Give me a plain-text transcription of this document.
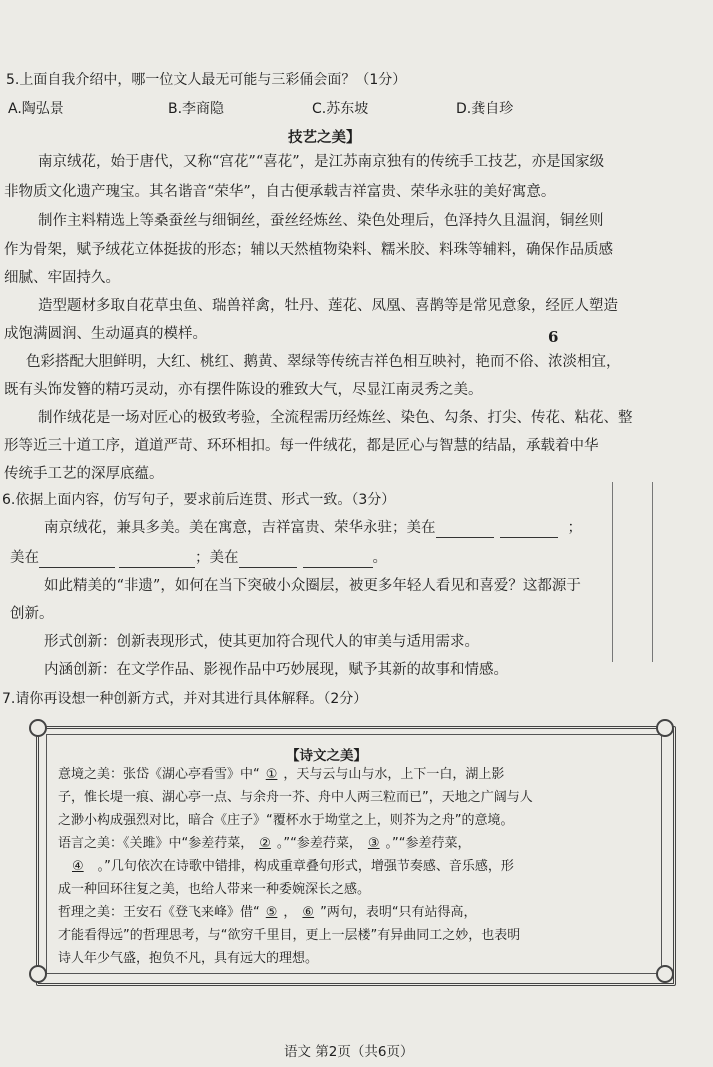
5.上面自我介绍中，哪一位文人最无可能与三彩俑会面？（1分）
A.陶弘景	B.李商隐	C.苏东坡	D.龚自珍
技艺之美】
南京绒花，始于唐代，又称“宫花”“喜花”，是江苏南京独有的传统手工技艺，亦是国家级
非物质文化遗产瑰宝。其名谐音“荣华”，自古便承载吉祥富贵、荣华永驻的美好寓意。
制作主料精选上等桑蚕丝与细铜丝，蚕丝经炼丝、染色处理后，色泽持久且温润，铜丝则
作为骨架，赋予绒花立体挺拔的形态；辅以天然植物染料、糯米胶、料珠等辅料，确保作品质感
细腻、牢固持久。
造型题材多取自花草虫鱼、瑞兽祥禽，牡丹、莲花、凤凰、喜鹊等是常见意象，经匠人塑造
成饱满圆润、生动逼真的模样。	6
色彩搭配大胆鲜明，大红、桃红、鹅黄、翠绿等传统吉祥色相互映衬，艳而不俗、浓淡相宜，
既有头饰发簪的精巧灵动，亦有摆件陈设的雅致大气，尽显江南灵秀之美。
制作绒花是一场对匠心的极致考验，全流程需历经炼丝、染色、勾条、打尖、传花、粘花、整
形等近三十道工序，道道严苛、环环相扣。每一件绒花，都是匠心与智慧的结晶，承载着中华
传统手工艺的深厚底蕴。
6.依据上面内容，仿写句子，要求前后连贯、形式一致。（3分）
南京绒花，兼具多美。美在寓意，吉祥富贵、荣华永驻；美在	；
美在	；美在	。
如此精美的“非遗”，如何在当下突破小众圈层，被更多年轻人看见和喜爱？这都源于
创新。
形式创新：创新表现形式，使其更加符合现代人的审美与适用需求。
内涵创新：在文学作品、影视作品中巧妙展现，赋予其新的故事和情感。
7.请你再设想一种创新方式，并对其进行具体解释。（2分）
【诗文之美】
意境之美：张岱《湖心亭看雪》中“ ① ，天与云与山与水，上下一白，湖上影
子，惟长堤一痕、湖心亭一点、与余舟一芥、舟中人两三粒而已”，天地之广阔与人
之渺小构成强烈对比，暗合《庄子》“覆杯水于坳堂之上，则芥为之舟”的意境。
语言之美：《关雎》中“参差荇菜， ② 。”“参差荇菜， ③ 。”“参差荇菜，
④ 。”几句依次在诗歌中错排，构成重章叠句形式，增强节奏感、音乐感，形
成一种回环往复之美，也给人带来一种委婉深长之感。
哲理之美：王安石《登飞来峰》借“ ⑤ ， ⑥ ”两句，表明“只有站得高，
才能看得远”的哲理思考，与“欲穷千里目，更上一层楼”有异曲同工之妙，也表明
诗人年少气盛，抱负不凡，具有远大的理想。
语文 第2页（共6页）
